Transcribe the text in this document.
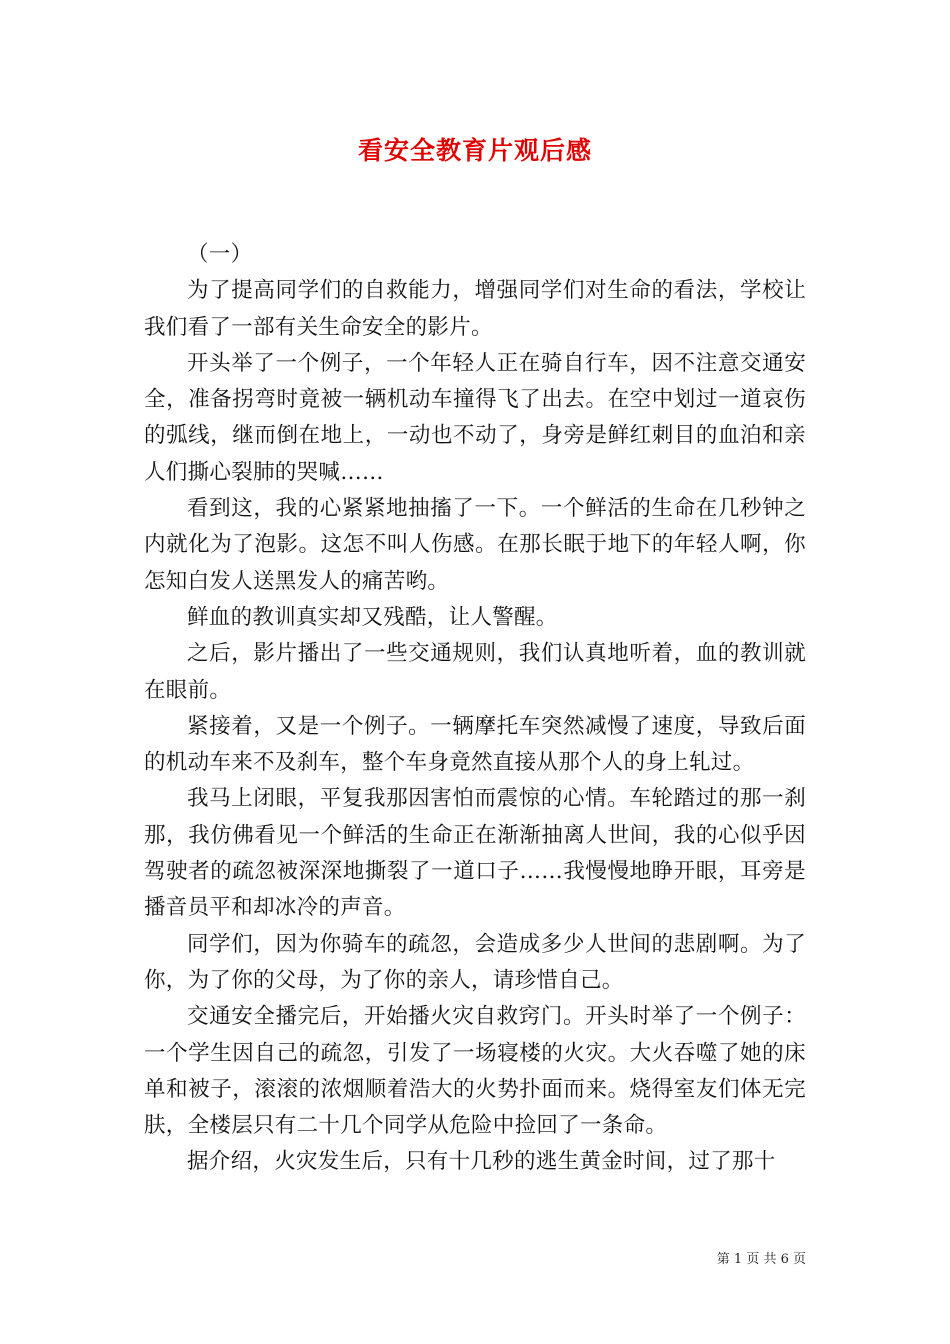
看安全教育片观后感

（一）

为了提高同学们的自救能力，增强同学们对生命的看法，学校让我们看了一部有关生命安全的影片。

开头举了一个例子，一个年轻人正在骑自行车，因不注意交通安全，准备拐弯时竟被一辆机动车撞得飞了出去。在空中划过一道哀伤的弧线，继而倒在地上，一动也不动了，身旁是鲜红刺目的血泊和亲人们撕心裂肺的哭喊……

看到这，我的心紧紧地抽搐了一下。一个鲜活的生命在几秒钟之内就化为了泡影。这怎不叫人伤感。在那长眠于地下的年轻人啊，你怎知白发人送黑发人的痛苦哟。

鲜血的教训真实却又残酷，让人警醒。

之后，影片播出了一些交通规则，我们认真地听着，血的教训就在眼前。

紧接着，又是一个例子。一辆摩托车突然减慢了速度，导致后面的机动车来不及刹车，整个车身竟然直接从那个人的身上轧过。

我马上闭眼，平复我那因害怕而震惊的心情。车轮踏过的那一刹那，我仿佛看见一个鲜活的生命正在渐渐抽离人世间，我的心似乎因驾驶者的疏忽被深深地撕裂了一道口子……我慢慢地睁开眼，耳旁是播音员平和却冰冷的声音。

同学们，因为你骑车的疏忽，会造成多少人世间的悲剧啊。为了你，为了你的父母，为了你的亲人，请珍惜自己。

交通安全播完后，开始播火灾自救窍门。开头时举了一个例子：一个学生因自己的疏忽，引发了一场寝楼的火灾。大火吞噬了她的床单和被子，滚滚的浓烟顺着浩大的火势扑面而来。烧得室友们体无完肤，全楼层只有二十几个同学从危险中捡回了一条命。

据介绍，火灾发生后，只有十几秒的逃生黄金时间，过了那十

第 1 页 共 6 页
